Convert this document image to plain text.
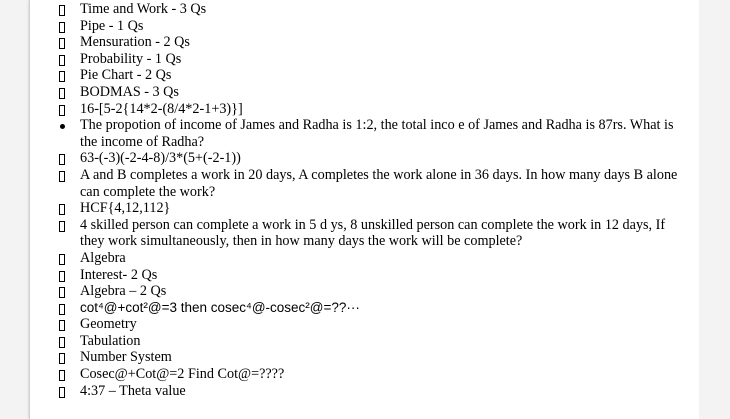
Time and Work - 3 Qs
Pipe - 1 Qs
Mensuration - 2 Qs
Probability - 1 Qs
Pie Chart - 2 Qs
BODMAS - 3 Qs
16-[5-2{14*2-(8/4*2-1+3)}]
The propotion of income of James and Radha is 1:2, the total inco e of James and Radha is 87rs. What is the income of Radha?
63-(-3)(-2-4-8)/3*(5+(-2-1))
A and B completes a work in 20 days, A completes the work alone in 36 days. In how many days B alone can complete the work?
HCF{4,12,112}
4 skilled person can complete a work in 5 d ys, 8 unskilled person can complete the work in 12 days, If they work simultaneously, then in how many days the work will be complete?
Algebra
Interest- 2 Qs
Algebra – 2 Qs
cot⁴@+cot²@=3 then cosec⁴@-cosec²@=??···
Geometry
Tabulation
Number System
Cosec@+Cot@=2 Find Cot@=????
4:37 – Theta value
